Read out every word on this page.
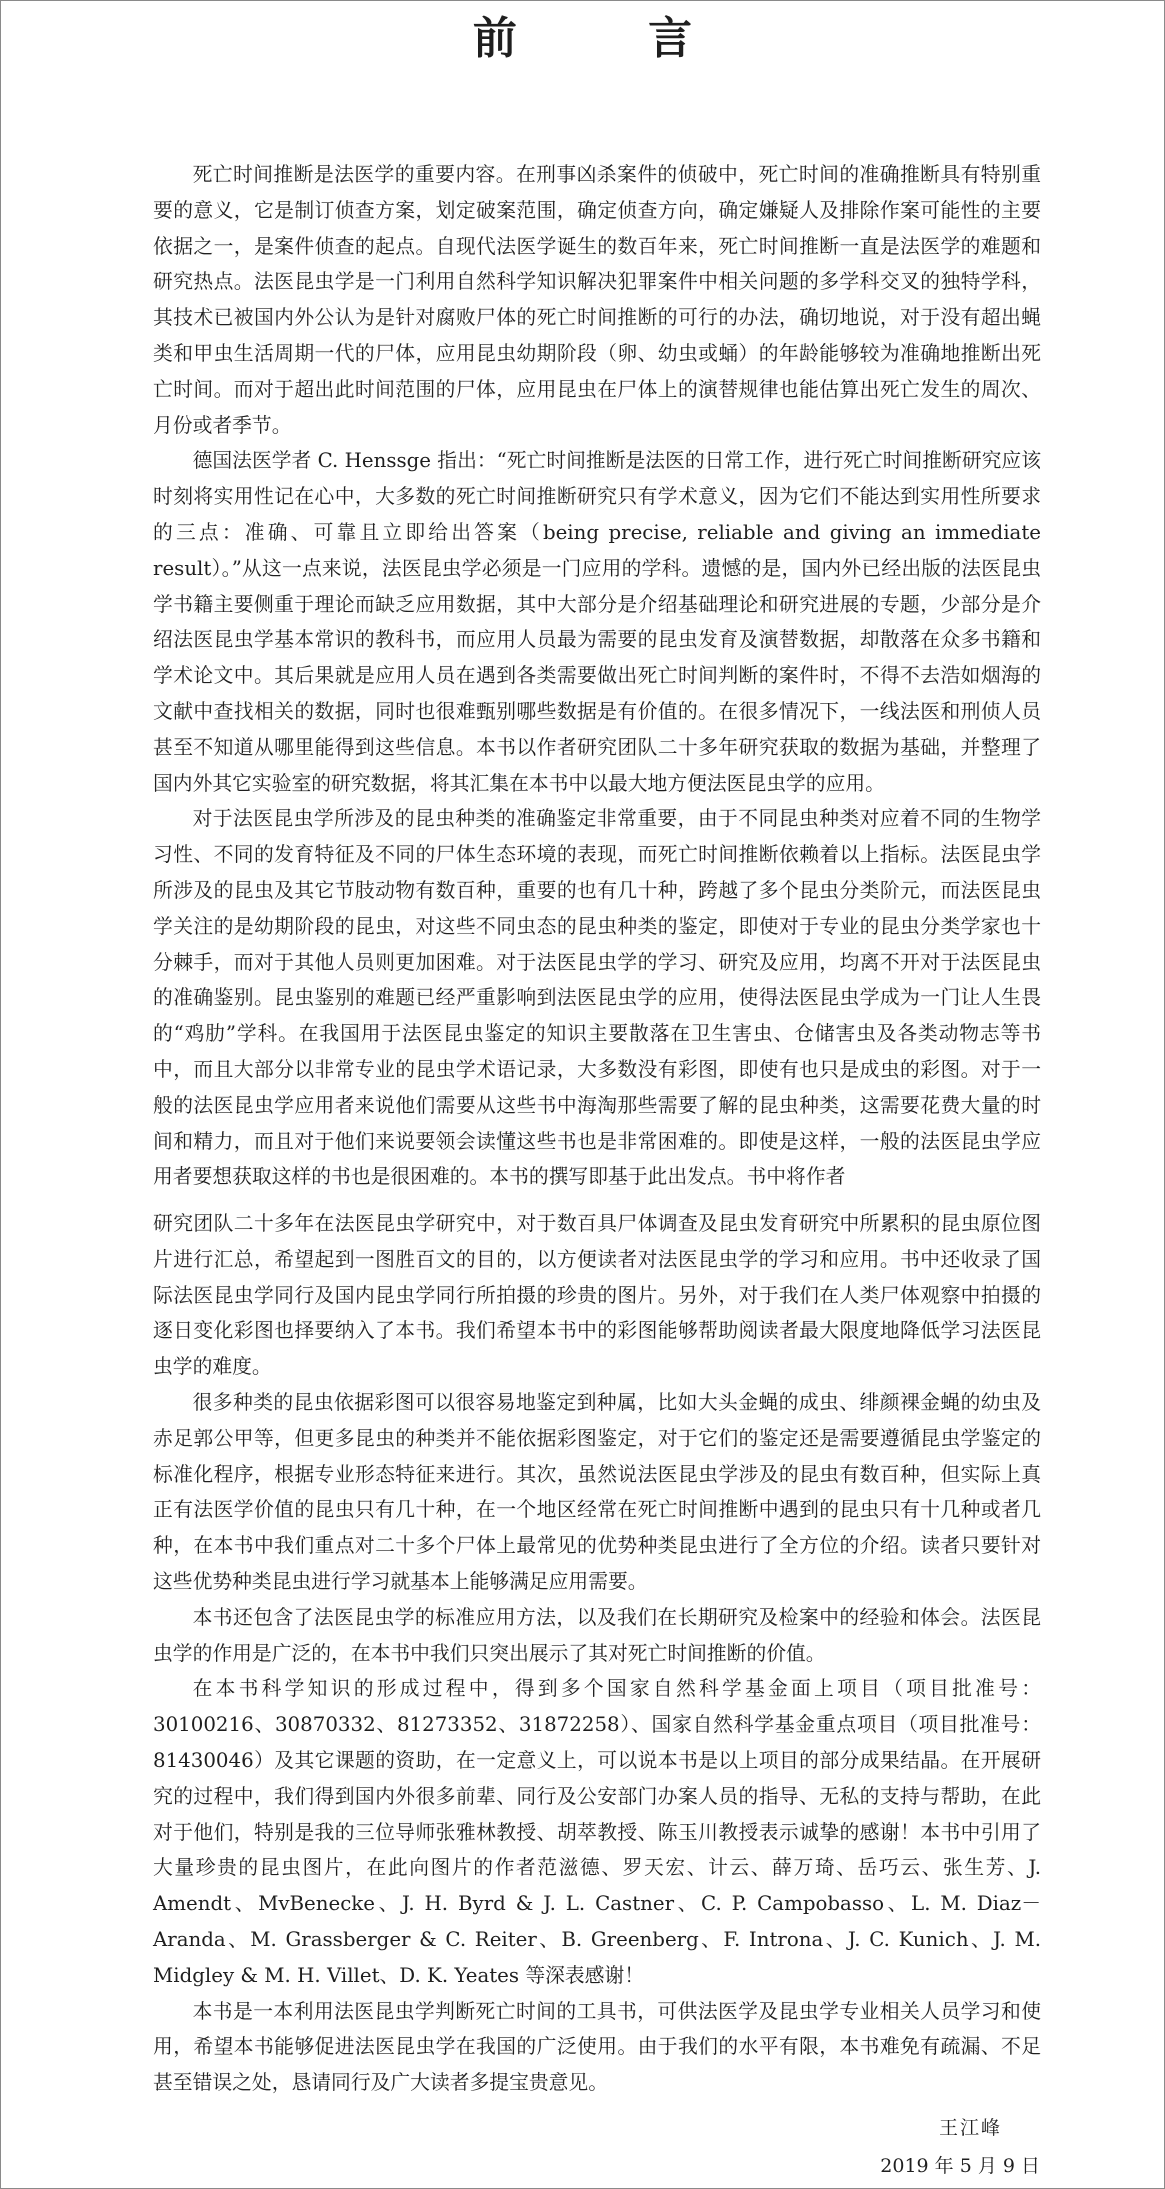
前 言

死亡时间推断是法医学的重要内容。在刑事凶杀案件的侦破中，死亡时间的准确推断具有特别重要的意义，它是制订侦查方案，划定破案范围，确定侦查方向，确定嫌疑人及排除作案可能性的主要依据之一，是案件侦查的起点。自现代法医学诞生的数百年来，死亡时间推断一直是法医学的难题和研究热点。法医昆虫学是一门利用自然科学知识解决犯罪案件中相关问题的多学科交叉的独特学科，其技术已被国内外公认为是针对腐败尸体的死亡时间推断的可行的办法，确切地说，对于没有超出蝇类和甲虫生活周期一代的尸体，应用昆虫幼期阶段（卵、幼虫或蛹）的年龄能够较为准确地推断出死亡时间。而对于超出此时间范围的尸体，应用昆虫在尸体上的演替规律也能估算出死亡发生的周次、月份或者季节。

德国法医学者 C. Henssge 指出：“死亡时间推断是法医的日常工作，进行死亡时间推断研究应该时刻将实用性记在心中，大多数的死亡时间推断研究只有学术意义，因为它们不能达到实用性所要求的三点：准确、可靠且立即给出答案（being precise, reliable and giving an immediate result）。”从这一点来说，法医昆虫学必须是一门应用的学科。遗憾的是，国内外已经出版的法医昆虫学书籍主要侧重于理论而缺乏应用数据，其中大部分是介绍基础理论和研究进展的专题，少部分是介绍法医昆虫学基本常识的教科书，而应用人员最为需要的昆虫发育及演替数据，却散落在众多书籍和学术论文中。其后果就是应用人员在遇到各类需要做出死亡时间判断的案件时，不得不去浩如烟海的文献中查找相关的数据，同时也很难甄别哪些数据是有价值的。在很多情况下，一线法医和刑侦人员甚至不知道从哪里能得到这些信息。本书以作者研究团队二十多年研究获取的数据为基础，并整理了国内外其它实验室的研究数据，将其汇集在本书中以最大地方便法医昆虫学的应用。

对于法医昆虫学所涉及的昆虫种类的准确鉴定非常重要，由于不同昆虫种类对应着不同的生物学习性、不同的发育特征及不同的尸体生态环境的表现，而死亡时间推断依赖着以上指标。法医昆虫学所涉及的昆虫及其它节肢动物有数百种，重要的也有几十种，跨越了多个昆虫分类阶元，而法医昆虫学关注的是幼期阶段的昆虫，对这些不同虫态的昆虫种类的鉴定，即使对于专业的昆虫分类学家也十分棘手，而对于其他人员则更加困难。对于法医昆虫学的学习、研究及应用，均离不开对于法医昆虫的准确鉴别。昆虫鉴别的难题已经严重影响到法医昆虫学的应用，使得法医昆虫学成为一门让人生畏的“鸡肋”学科。在我国用于法医昆虫鉴定的知识主要散落在卫生害虫、仓储害虫及各类动物志等书中，而且大部分以非常专业的昆虫学术语记录，大多数没有彩图，即使有也只是成虫的彩图。对于一般的法医昆虫学应用者来说他们需要从这些书中海淘那些需要了解的昆虫种类，这需要花费大量的时间和精力，而且对于他们来说要领会读懂这些书也是非常困难的。即使是这样，一般的法医昆虫学应用者要想获取这样的书也是很困难的。本书的撰写即基于此出发点。书中将作者

研究团队二十多年在法医昆虫学研究中，对于数百具尸体调查及昆虫发育研究中所累积的昆虫原位图片进行汇总，希望起到一图胜百文的目的，以方便读者对法医昆虫学的学习和应用。书中还收录了国际法医昆虫学同行及国内昆虫学同行所拍摄的珍贵的图片。另外，对于我们在人类尸体观察中拍摄的逐日变化彩图也择要纳入了本书。我们希望本书中的彩图能够帮助阅读者最大限度地降低学习法医昆虫学的难度。

很多种类的昆虫依据彩图可以很容易地鉴定到种属，比如大头金蝇的成虫、绯颜裸金蝇的幼虫及赤足郭公甲等，但更多昆虫的种类并不能依据彩图鉴定，对于它们的鉴定还是需要遵循昆虫学鉴定的标准化程序，根据专业形态特征来进行。其次，虽然说法医昆虫学涉及的昆虫有数百种，但实际上真正有法医学价值的昆虫只有几十种，在一个地区经常在死亡时间推断中遇到的昆虫只有十几种或者几种，在本书中我们重点对二十多个尸体上最常见的优势种类昆虫进行了全方位的介绍。读者只要针对这些优势种类昆虫进行学习就基本上能够满足应用需要。

本书还包含了法医昆虫学的标准应用方法，以及我们在长期研究及检案中的经验和体会。法医昆虫学的作用是广泛的，在本书中我们只突出展示了其对死亡时间推断的价值。

在本书科学知识的形成过程中，得到多个国家自然科学基金面上项目（项目批准号：30100216、30870332、81273352、31872258）、国家自然科学基金重点项目（项目批准号：81430046）及其它课题的资助，在一定意义上，可以说本书是以上项目的部分成果结晶。在开展研究的过程中，我们得到国内外很多前辈、同行及公安部门办案人员的指导、无私的支持与帮助，在此对于他们，特别是我的三位导师张雅林教授、胡萃教授、陈玉川教授表示诚挚的感谢！本书中引用了大量珍贵的昆虫图片，在此向图片的作者范滋德、罗天宏、计云、薛万琦、岳巧云、张生芳、J. Amendt、MvBenecke、J. H. Byrd & J. L. Castner、C. P. Campobasso、L. M. Diaz－Aranda、M. Grassberger & C. Reiter、B. Greenberg、F. Introna、J. C. Kunich、J. M. Midgley & M. H. Villet、D. K. Yeates 等深表感谢！

本书是一本利用法医昆虫学判断死亡时间的工具书，可供法医学及昆虫学专业相关人员学习和使用，希望本书能够促进法医昆虫学在我国的广泛使用。由于我们的水平有限，本书难免有疏漏、不足甚至错误之处，恳请同行及广大读者多提宝贵意见。

王江峰
2019 年 5 月 9 日
